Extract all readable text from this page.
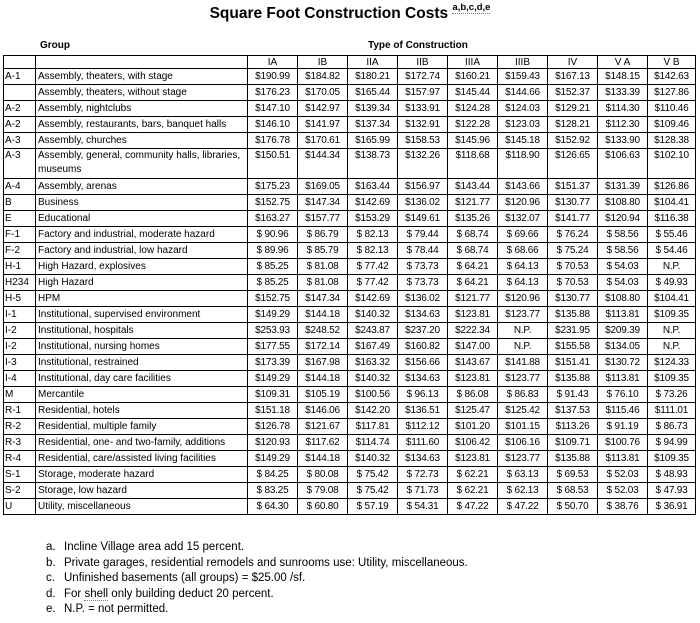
Square Foot Construction Costs $^{a,b,c,d,e}$
Group	Type of Construction
		IA	IB	IIA	IIB	IIIA	IIIB	IV	V A	V B
A-1	Assembly, theaters, with stage	$190.99	$184.82	$180.21	$172.74	$160.21	$159.43	$167.13	$148.15	$142.63
	Assembly, theaters, without stage	$176.23	$170.05	$165.44	$157.97	$145.44	$144.66	$152.37	$133.39	$127.86
A-2	Assembly, nightclubs	$147.10	$142.97	$139.34	$133.91	$124.28	$124.03	$129.21	$114.30	$110.46
A-2	Assembly, restaurants, bars, banquet halls	$146.10	$141.97	$137.34	$132.91	$122.28	$123.03	$128.21	$112.30	$109.46
A-3	Assembly, churches	$176.78	$170.61	$165.99	$158.53	$145.96	$145.18	$152.92	$133.90	$128.38
A-3	Assembly, general, community halls, libraries, museums	$150.51	$144.34	$138.73	$132.26	$118.68	$118.90	$126.65	$106.63	$102.10
A-4	Assembly, arenas	$175.23	$169.05	$163.44	$156.97	$143.44	$143.66	$151.37	$131.39	$126.86
B	Business	$152.75	$147.34	$142.69	$136.02	$121.77	$120.96	$130.77	$108.80	$104.41
E	Educational	$163.27	$157.77	$153.29	$149.61	$135.26	$132.07	$141.77	$120.94	$116.38
F-1	Factory and industrial, moderate hazard	$ 90.96	$ 86.79	$ 82.13	$ 79.44	$ 68.74	$ 69.66	$ 76.24	$ 58.56	$ 55.46
F-2	Factory and industrial, low hazard	$ 89.96	$ 85.79	$ 82.13	$ 78.44	$ 68.74	$ 68.66	$ 75.24	$ 58.56	$ 54.46
H-1	High Hazard, explosives	$ 85.25	$ 81.08	$ 77.42	$ 73.73	$ 64.21	$ 64.13	$ 70.53	$ 54.03	N.P.
H234	High Hazard	$ 85.25	$ 81.08	$ 77.42	$ 73.73	$ 64.21	$ 64.13	$ 70.53	$ 54.03	$ 49.93
H-5	HPM	$152.75	$147.34	$142.69	$136.02	$121.77	$120.96	$130.77	$108.80	$104.41
I-1	Institutional, supervised environment	$149.29	$144.18	$140.32	$134.63	$123.81	$123.77	$135.88	$113.81	$109.35
I-2	Institutional, hospitals	$253.93	$248.52	$243.87	$237.20	$222.34	N.P.	$231.95	$209.39	N.P.
I-2	Institutional, nursing homes	$177.55	$172.14	$167.49	$160.82	$147.00	N.P.	$155.58	$134.05	N.P.
I-3	Institutional, restrained	$173.39	$167.98	$163.32	$156.66	$143.67	$141.88	$151.41	$130.72	$124.33
I-4	Institutional, day care facilities	$149.29	$144.18	$140.32	$134.63	$123.81	$123.77	$135.88	$113.81	$109.35
M	Mercantile	$109.31	$105.19	$100.56	$ 96.13	$ 86.08	$ 86.83	$ 91.43	$ 76.10	$ 73.26
R-1	Residential, hotels	$151.18	$146.06	$142.20	$136.51	$125.47	$125.42	$137.53	$115.46	$111.01
R-2	Residential, multiple family	$126.78	$121.67	$117.81	$112.12	$101.20	$101.15	$113.26	$ 91.19	$ 86.73
R-3	Residential, one- and two-family, additions	$120.93	$117.62	$114.74	$111.60	$106.42	$106.16	$109.71	$100.76	$ 94.99
R-4	Residential, care/assisted living facilities	$149.29	$144.18	$140.32	$134.63	$123.81	$123.77	$135.88	$113.81	$109.35
S-1	Storage, moderate hazard	$ 84.25	$ 80.08	$ 75.42	$ 72.73	$ 62.21	$ 63.13	$ 69.53	$ 52.03	$ 48.93
S-2	Storage, low hazard	$ 83.25	$ 79.08	$ 75.42	$ 71.73	$ 62.21	$ 62.13	$ 68.53	$ 52.03	$ 47.93
U	Utility, miscellaneous	$ 64.30	$ 60.80	$ 57.19	$ 54.31	$ 47.22	$ 47.22	$ 50.70	$ 38.76	$ 36.91
a. Incline Village area add 15 percent.
b. Private garages, residential remodels and sunrooms use: Utility, miscellaneous.
c. Unfinished basements (all groups) = $25.00 /sf.
d. For shell only building deduct 20 percent.
e. N.P. = not permitted.
